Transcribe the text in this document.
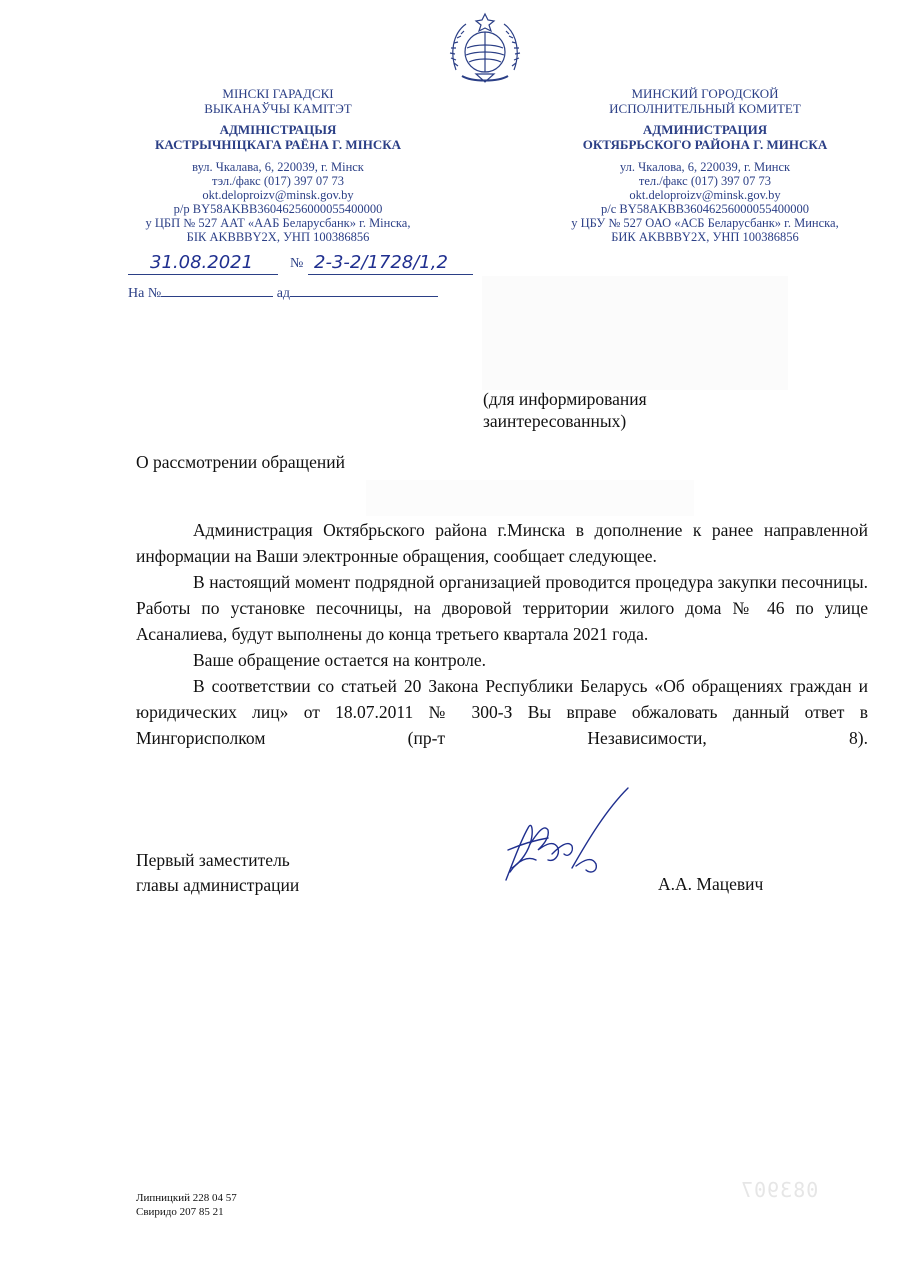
МІНСКІ ГАРАДСКІ
ВЫКАНАЎЧЫ КАМІТЭТ
АДМІНІСТРАЦЫЯ
КАСТРЫЧНІЦКАГА РАЁНА Г. МІНСКА
вул. Чкалава, 6, 220039, г. Мінск
тэл./факс (017) 397 07 73
okt.deloproizv@minsk.gov.by
р/р BY58AKBB36046256000055400000
у ЦБП № 527 ААТ «ААБ Беларусбанк» г. Мінска,
БІК AKBBBY2X, УНП 100386856
МИНСКИЙ ГОРОДСКОЙ
ИСПОЛНИТЕЛЬНЫЙ КОМИТЕТ
АДМИНИСТРАЦИЯ
ОКТЯБРЬСКОГО РАЙОНА Г. МИНСКА
ул. Чкалова, 6, 220039, г. Минск
тел./факс (017) 397 07 73
okt.deloproizv@minsk.gov.by
р/с BY58AKBB36046256000055400000
у ЦБУ № 527 ОАО «АСБ Беларусбанк» г. Минска,
БИК AKBBBY2X, УНП 100386856
31.08.2021	№ 2-3-2/1728/1,2
На №	ад
(для информирования
заинтересованных)
О рассмотрении обращений

Администрация Октябрьского района г.Минска в дополнение к ранее направленной информации на Ваши электронные обращения, сообщает следующее.

В настоящий момент подрядной организацией проводится процедура закупки песочницы. Работы по установке песочницы, на дворовой территории жилого дома № 46 по улице Асаналиева, будут выполнены до конца третьего квартала 2021 года.

Ваше обращение остается на контроле.

В соответствии со статьей 20 Закона Республики Беларусь «Об обращениях граждан и юридических лиц» от 18.07.2011 № 300-З Вы вправе обжаловать данный ответ в Мингорисполком (пр-т Независимости, 8).

Первый заместитель
главы администрации	А.А. Мацевич
083907
Липницкий 228 04 57
Свиридо 207 85 21
